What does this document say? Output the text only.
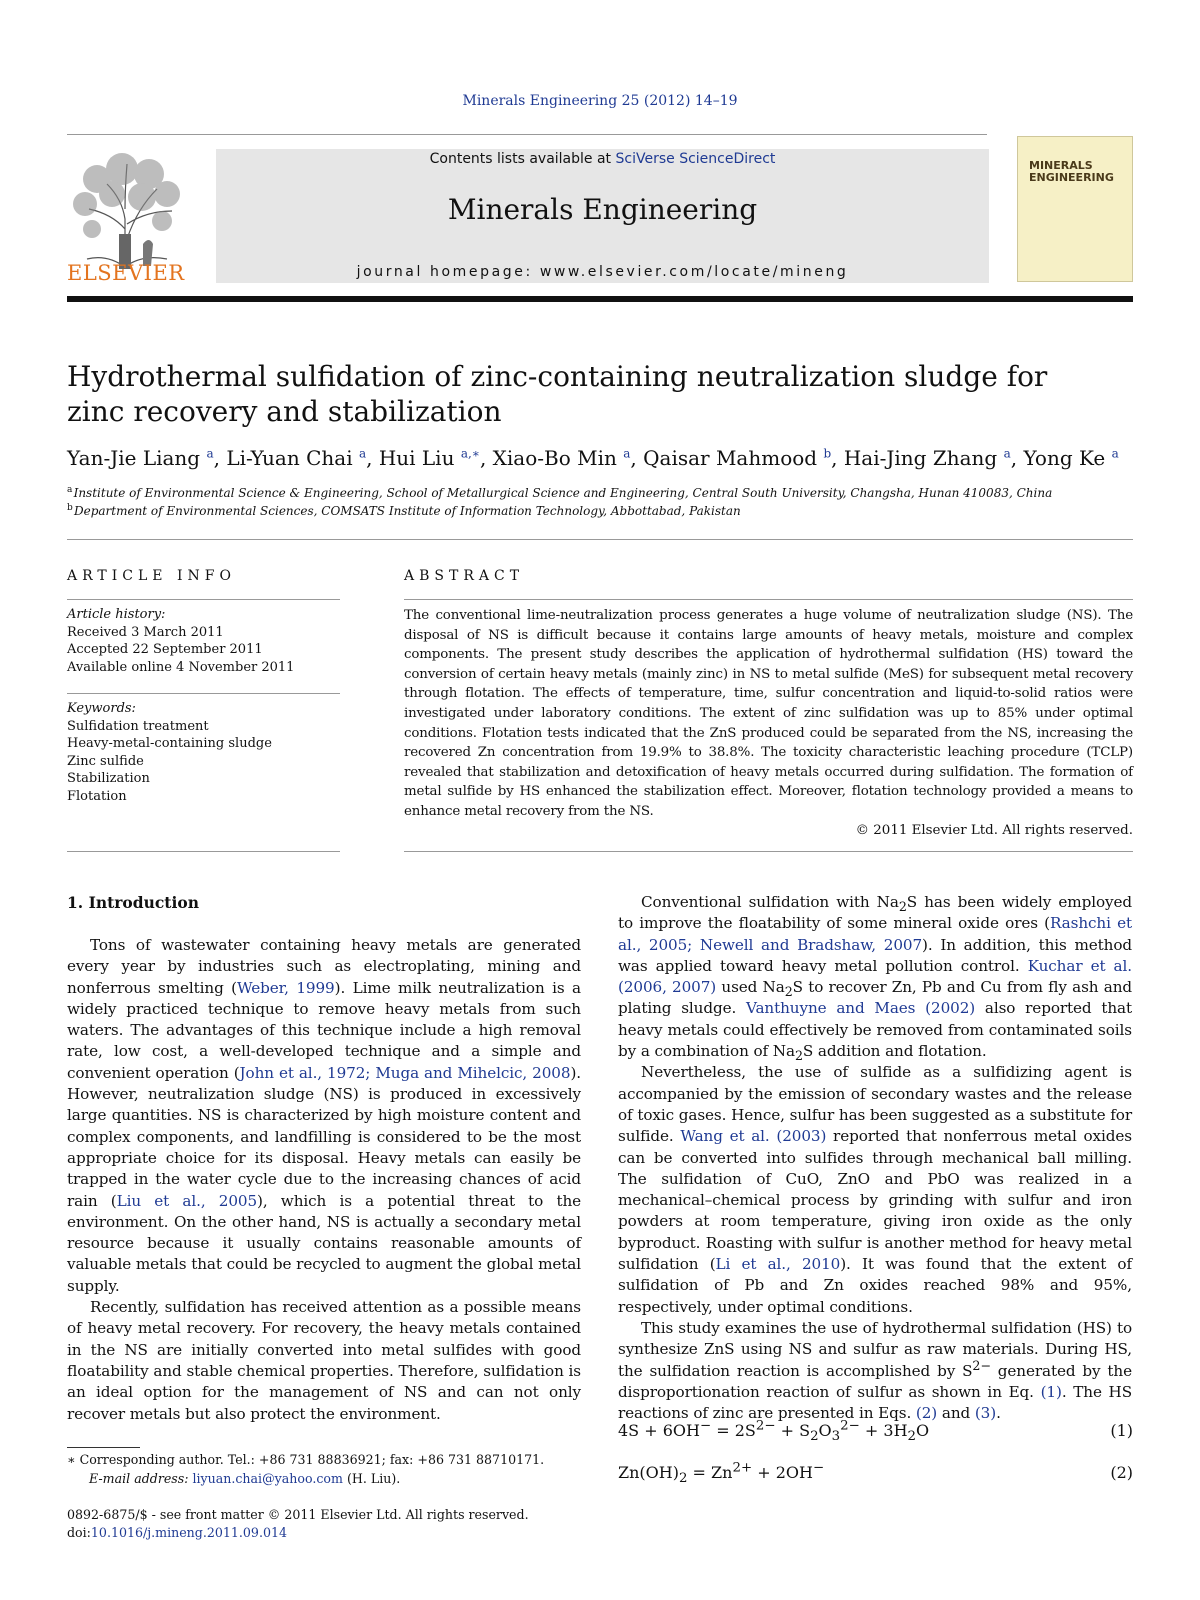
Minerals Engineering 25 (2012) 14–19
ELSEVIER
Contents lists available at SciVerse ScienceDirect
Minerals Engineering
journal homepage: www.elsevier.com/locate/mineng
MINERALS ENGINEERING
Hydrothermal sulfidation of zinc-containing neutralization sludge for zinc recovery and stabilization
Yan-Jie Liang $^a$, Li-Yuan Chai $^a$, Hui Liu $^{a,∗}$, Xiao-Bo Min $^a$, Qaisar Mahmood $^b$, Hai-Jing Zhang $^a$, Yong Ke $^a$
$^a$ Institute of Environmental Science & Engineering, School of Metallurgical Science and Engineering, Central South University, Changsha, Hunan 410083, China
$^b$ Department of Environmental Sciences, COMSATS Institute of Information Technology, Abbottabad, Pakistan
ARTICLE INFO	ABSTRACT
Article history:
Received 3 March 2011
Accepted 22 September 2011
Available online 4 November 2011
Keywords:
Sulfidation treatment
Heavy-metal-containing sludge
Zinc sulfide
Stabilization
Flotation
The conventional lime-neutralization process generates a huge volume of neutralization sludge (NS). The disposal of NS is difficult because it contains large amounts of heavy metals, moisture and complex components. The present study describes the application of hydrothermal sulfidation (HS) toward the conversion of certain heavy metals (mainly zinc) in NS to metal sulfide (MeS) for subsequent metal recovery through flotation. The effects of temperature, time, sulfur concentration and liquid-to-solid ratios were investigated under laboratory conditions. The extent of zinc sulfidation was up to 85% under optimal conditions. Flotation tests indicated that the ZnS produced could be separated from the NS, increasing the recovered Zn concentration from 19.9% to 38.8%. The toxicity characteristic leaching procedure (TCLP) revealed that stabilization and detoxification of heavy metals occurred during sulfidation. The formation of metal sulfide by HS enhanced the stabilization effect. Moreover, flotation technology provided a means to enhance metal recovery from the NS.
© 2011 Elsevier Ltd. All rights reserved.
1. Introduction

Tons of wastewater containing heavy metals are generated every year by industries such as electroplating, mining and nonferrous smelting (Weber, 1999). Lime milk neutralization is a widely practiced technique to remove heavy metals from such waters. The advantages of this technique include a high removal rate, low cost, a well-developed technique and a simple and convenient operation (John et al., 1972; Muga and Mihelcic, 2008). However, neutralization sludge (NS) is produced in excessively large quantities. NS is characterized by high moisture content and complex components, and landfilling is considered to be the most appropriate choice for its disposal. Heavy metals can easily be trapped in the water cycle due to the increasing chances of acid rain (Liu et al., 2005), which is a potential threat to the environment. On the other hand, NS is actually a secondary metal resource because it usually contains reasonable amounts of valuable metals that could be recycled to augment the global metal supply.

Recently, sulfidation has received attention as a possible means of heavy metal recovery. For recovery, the heavy metals contained in the NS are initially converted into metal sulfides with good floatability and stable chemical properties. Therefore, sulfidation is an ideal option for the management of NS and can not only recover metals but also protect the environment.

Conventional sulfidation with $Na_2S$ has been widely employed to improve the floatability of some mineral oxide ores (Rashchi et al., 2005; Newell and Bradshaw, 2007). In addition, this method was applied toward heavy metal pollution control. Kuchar et al. (2006, 2007) used $Na_2S$ to recover Zn, Pb and Cu from fly ash and plating sludge. Vanthuyne and Maes (2002) also reported that heavy metals could effectively be removed from contaminated soils by a combination of $Na_2S$ addition and flotation.

Nevertheless, the use of sulfide as a sulfidizing agent is accompanied by the emission of secondary wastes and the release of toxic gases. Hence, sulfur has been suggested as a substitute for sulfide. Wang et al. (2003) reported that nonferrous metal oxides can be converted into sulfides through mechanical ball milling. The sulfidation of CuO, ZnO and PbO was realized in a mechanical–chemical process by grinding with sulfur and iron powders at room temperature, giving iron oxide as the only byproduct. Roasting with sulfur is another method for heavy metal sulfidation (Li et al., 2010). It was found that the extent of sulfidation of Pb and Zn oxides reached 98% and 95%, respectively, under optimal conditions.

This study examines the use of hydrothermal sulfidation (HS) to synthesize ZnS using NS and sulfur as raw materials. During HS, the sulfidation reaction is accomplished by $S^{2-}$ generated by the disproportionation reaction of sulfur as shown in Eq. (1). The HS reactions of zinc are presented in Eqs. (2) and (3).

$4S + 6OH^- = 2S^{2-} + S_2O_3^{2-} + 3H_2O$	(1)
$Zn(OH)_2 = Zn^{2+} + 2OH^-$	(2)
∗ Corresponding author. Tel.: +86 731 88836921; fax: +86 731 88710171.
E-mail address: liyuan.chai@yahoo.com (H. Liu).
0892-6875/$ - see front matter © 2011 Elsevier Ltd. All rights reserved.
doi:10.1016/j.mineng.2011.09.014
